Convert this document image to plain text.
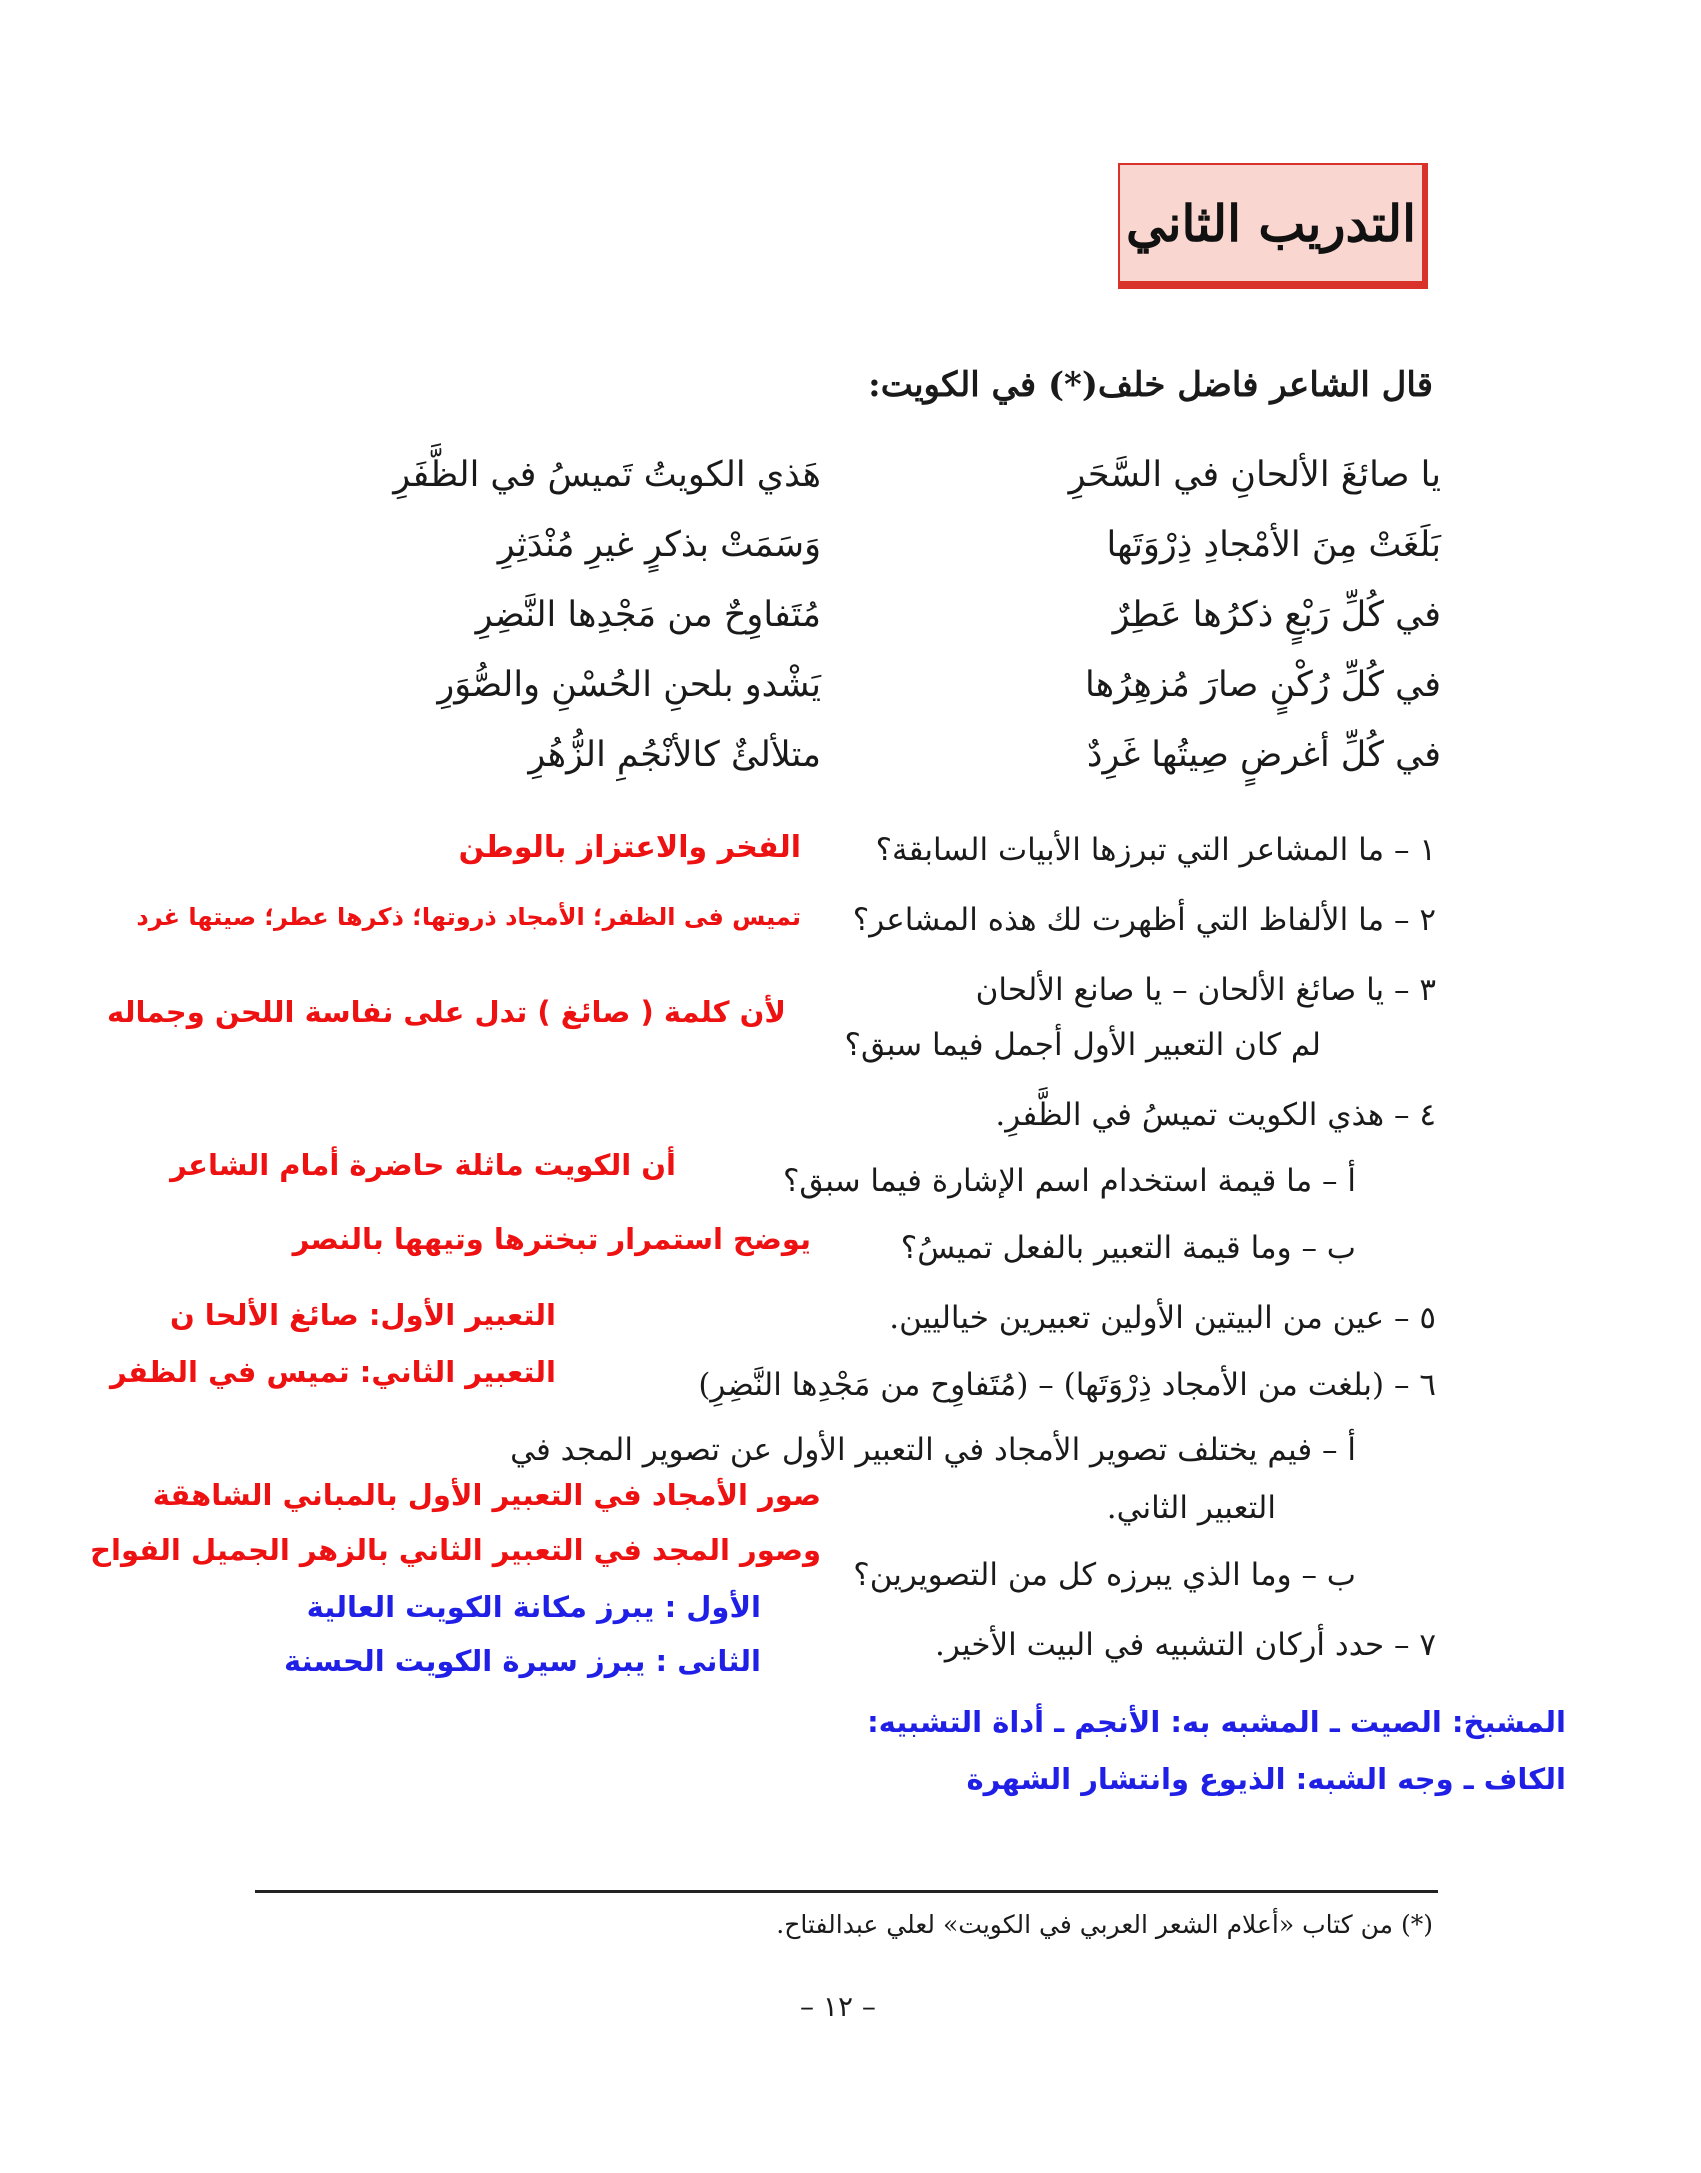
التدريب الثاني
قال الشاعر فاضل خلف(*) في الكويت:
يا صائغَ الألحانِ في السَّحَرِ
هَذي الكويتُ تَميسُ في الظَّفَرِ
بَلَغَتْ مِنَ الأمْجادِ ذِرْوَتَها
وَسَمَتْ بذكرٍ غيرِ مُنْدَثِرِ
في كُلِّ رَبْعٍ ذكرُها عَطِرٌ
مُتَفاوِحٌ من مَجْدِها النَّضِرِ
في كُلِّ رُكْنٍ صارَ مُزهِرُها
يَشْدو بلحنِ الحُسْنِ والصُّوَرِ
في كُلِّ أغرضٍ صِيتُها غَرِدٌ
متلألئٌ كالأنْجُمِ الزُّهُرِ
١ – ما المشاعر التي تبرزها الأبيات السابقة؟
٢ – ما الألفاظ التي أظهرت لك هذه المشاعر؟
٣ – يا صائغ الألحان – يا صانع الألحان
لم كان التعبير الأول أجمل فيما سبق؟
٤ – هذي الكويت تميسُ في الظَّفرِ.
أ – ما قيمة استخدام اسم الإشارة فيما سبق؟
ب – وما قيمة التعبير بالفعل تميسُ؟
٥ – عين من البيتين الأولين تعبيرين خياليين.
٦ – (بلغت من الأمجاد ذِرْوَتَها) – (مُتَفاوِح من مَجْدِها النَّضِرِ)
أ – فيم يختلف تصوير الأمجاد في التعبير الأول عن تصوير المجد في
التعبير الثاني.
ب – وما الذي يبرزه كل من التصويرين؟
٧ – حدد أركان التشبيه في البيت الأخير.
الفخر والاعتزاز بالوطن
تميس فى الظفر؛ الأمجاد ذروتها؛ ذكرها عطر؛ صيتها غرد
لأن كلمة ( صائغ ) تدل على نفاسة اللحن وجماله
أن الكويت ماثلة حاضرة أمام الشاعر
يوضح استمرار تبخترها وتيهها بالنصر
التعبير الأول: صائغ الألحا ن
التعبير الثاني: تميس في الظفر
صور الأمجاد في التعبير الأول بالمباني الشاهقة
وصور المجد في التعبير الثاني بالزهر الجميل الفواح
الأول : يبرز مكانة الكويت العالية
الثانى : يبرز سيرة الكويت الحسنة
المشبخ: الصيت ـ المشبه به: الأنجم ـ أداة التشبيه:
الكاف ـ وجه الشبه: الذيوع وانتشار الشهرة
(*) من كتاب «أعلام الشعر العربي في الكويت» لعلي عبدالفتاح.
– ١٢ –
